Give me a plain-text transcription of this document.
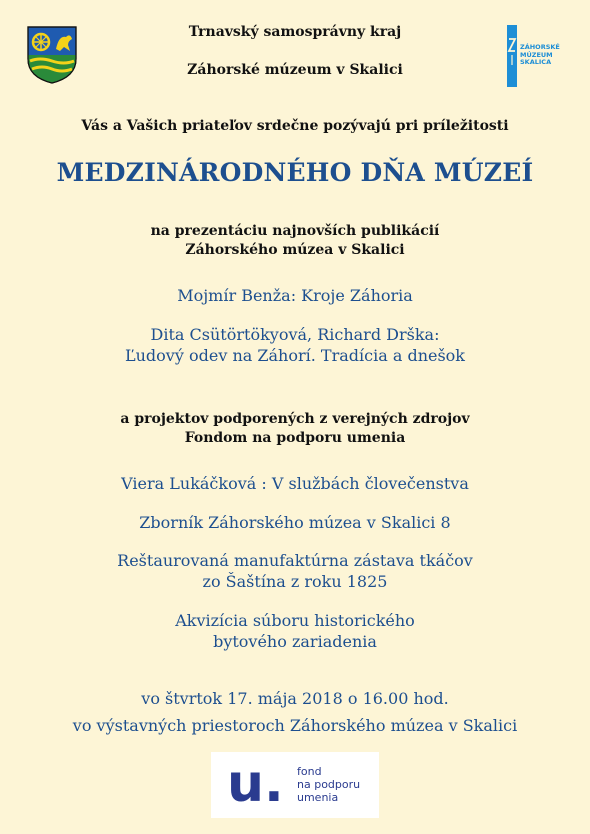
Trnavský samosprávny kraj
Záhorské múzeum v Skalici
ZÁHORSKÉ
MÚZEUM
SKALICA
Vás a Vašich priateľov srdečne pozývajú pri príležitosti
MEDZINÁRODNÉHO DŇA MÚZEÍ
na prezentáciu najnovších publikácií
Záhorského múzea v Skalici
Mojmír Benža: Kroje Záhoria
Dita Csütörtökyová, Richard Drška:
Ľudový odev na Záhorí. Tradícia a dnešok
a projektov podporených z verejných zdrojov
Fondom na podporu umenia
Viera Lukáčková : V službách človečenstva
Zborník Záhorského múzea v Skalici 8
Reštaurovaná manufaktúrna zástava tkáčov
zo Šaštína z roku 1825
Akvizícia súboru historického
bytového zariadenia
vo štvrtok 17. mája 2018 o 16.00 hod.
vo výstavných priestoroch Záhorského múzea v Skalici
u. fond
na podporu
umenia
